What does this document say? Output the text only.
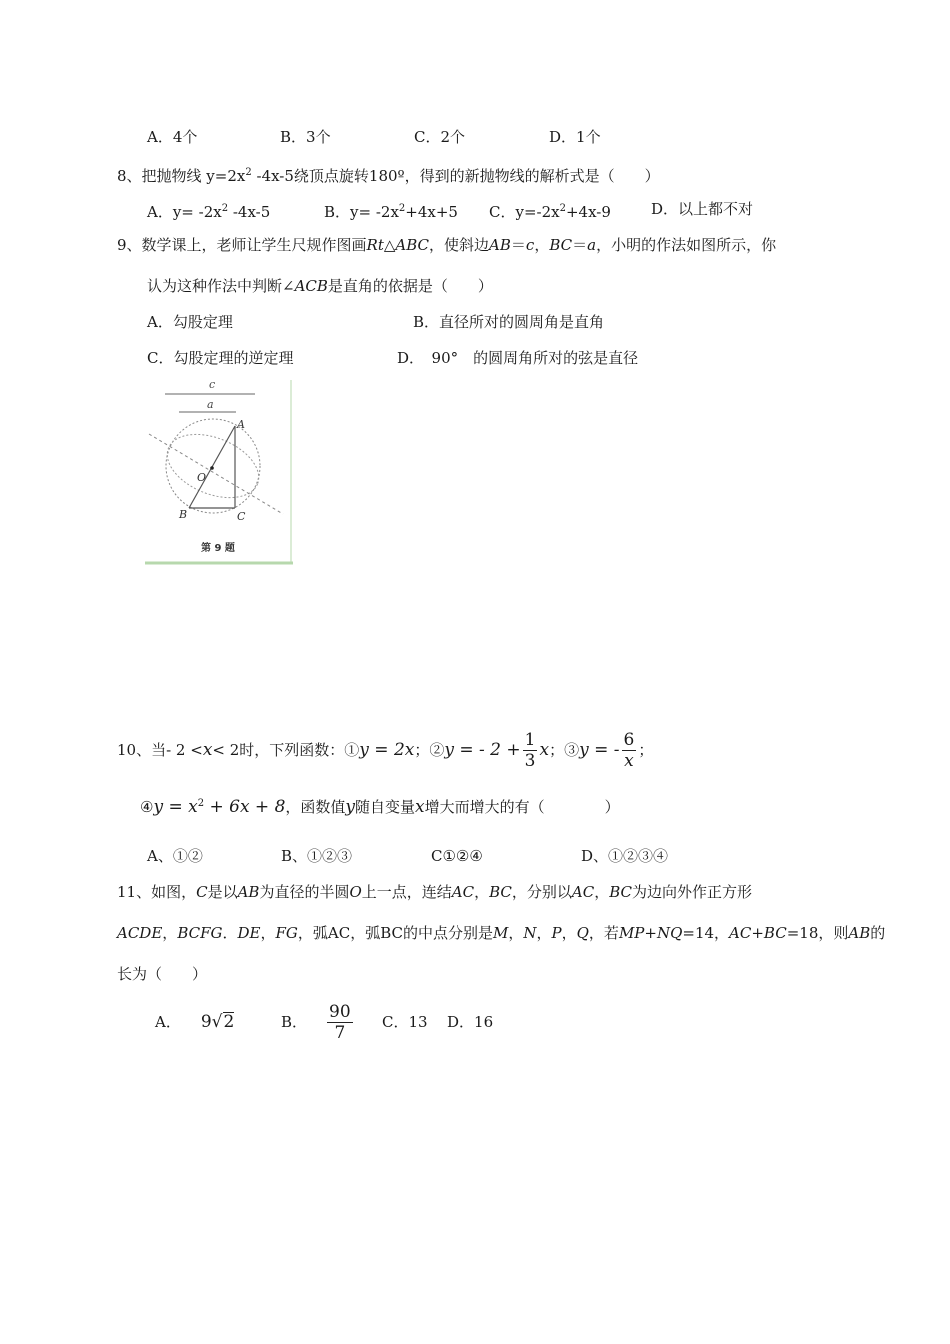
A．4个	B．3个	C．2个	D．1个
8、把抛物线 $y=2x^2$ -4x-5绕顶点旋转180º，得到的新抛物线的解析式是（　　）
A．$y= -2x^2$ -4x-5	B．$y= -2x^2+4x+5$ C．$y=-2x^2+4x-9$	D．以上都不对
9、数学课上，老师让学生尺规作图画Rt△ABC，使斜边AB＝c，BC＝a，小明的作法如图所示，你
认为这种作法中判断∠ACB是直角的依据是（　　）
A．勾股定理	B．直径所对的圆周角是直角
C．勾股定理的逆定理	D．　90°　的圆周角所对的弦是直径
c
a
A
B	C
O
第 9 题
10、当- 2 <x< 2时，下列函数：①y = 2x；②y = - $2 + \frac{1}{3}$ x；③y = - $\frac{6}{x}$ ；
④y = $x^2 + 6x + 8$，函数值y随自变量x增大而增大的有（　　　　）
A、①②	B、①②③	C①②④	D、①②③④
11、如图，C是以AB为直径的半圆O上一点，连结AC，BC，分别以AC，BC为边向外作正方形
ACDE，BCFG．DE，FG，弧AC，弧BC的中点分别是M，N，P，Q，若MP+NQ=14，AC+BC=18，则AB的
长为（　　）
A． 9√2	B． $\frac{90}{7}$ C．13 D．16
